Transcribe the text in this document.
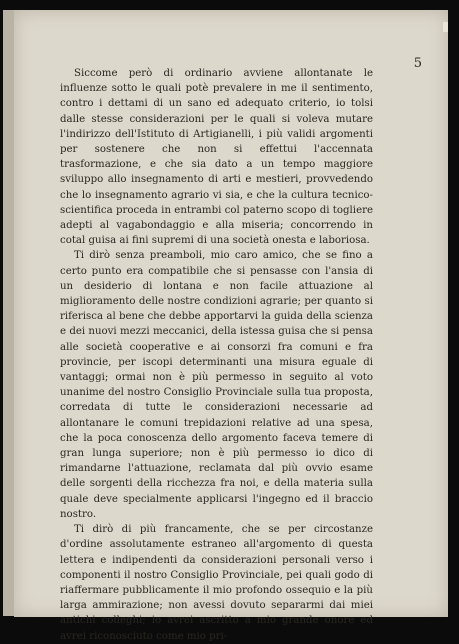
5

Siccome però di ordinario avviene allontanate le influenze sotto le quali potè prevalere in me il sentimento, contro i dettami di un sano ed adequato criterio, io tolsi dalle stesse considerazioni per le quali si voleva mutare l'indirizzo dell'Istituto di Artigianelli, i più validi argomenti per sostenere che non si effettui l'accennata trasformazione, e che sia dato a un tempo maggiore sviluppo allo insegnamento di arti e mestieri, provvedendo che lo insegnamento agrario vi sia, e che la cultura tecnico-scientifica proceda in entrambi col paterno scopo di togliere adepti al vagabondaggio e alla miseria; concorrendo in cotal guisa ai fini supremi di una società onesta e laboriosa.

Ti dirò senza preamboli, mio caro amico, che se fino a certo punto era compatibile che si pensasse con l'ansia di un desiderio di lontana e non facile attuazione al miglioramento delle nostre condizioni agrarie; per quanto si riferisca al bene che debbe apportarvi la guida della scienza e dei nuovi mezzi meccanici, della istessa guisa che si pensa alle società cooperative e ai consorzi fra comuni e fra provincie, per iscopi determinanti una misura eguale di vantaggi; ormai non è più permesso in seguito al voto unanime del nostro Consiglio Provinciale sulla tua proposta, corredata di tutte le considerazioni necessarie ad allontanare le comuni trepidazioni relative ad una spesa, che la poca conoscenza dello argomento faceva temere di gran lunga superiore; non è più permesso io dico di rimandarne l'attuazione, reclamata dal più ovvio esame delle sorgenti della ricchezza fra noi, e della materia sulla quale deve specialmente applicarsi l'ingegno ed il braccio nostro.

Ti dirò di più francamente, che se per circostanze d'ordine assolutamente estraneo all'argomento di questa lettera e indipendenti da considerazioni personali verso i componenti il nostro Consiglio Provinciale, pei quali godo di riaffermare pubblicamente il mio profondo ossequio e la più larga ammirazione; non avessi dovuto separarmi dai miei antichi colleghi; io avrei ascritto a mio grande onore ed avrei riconosciuto come mio pri-
